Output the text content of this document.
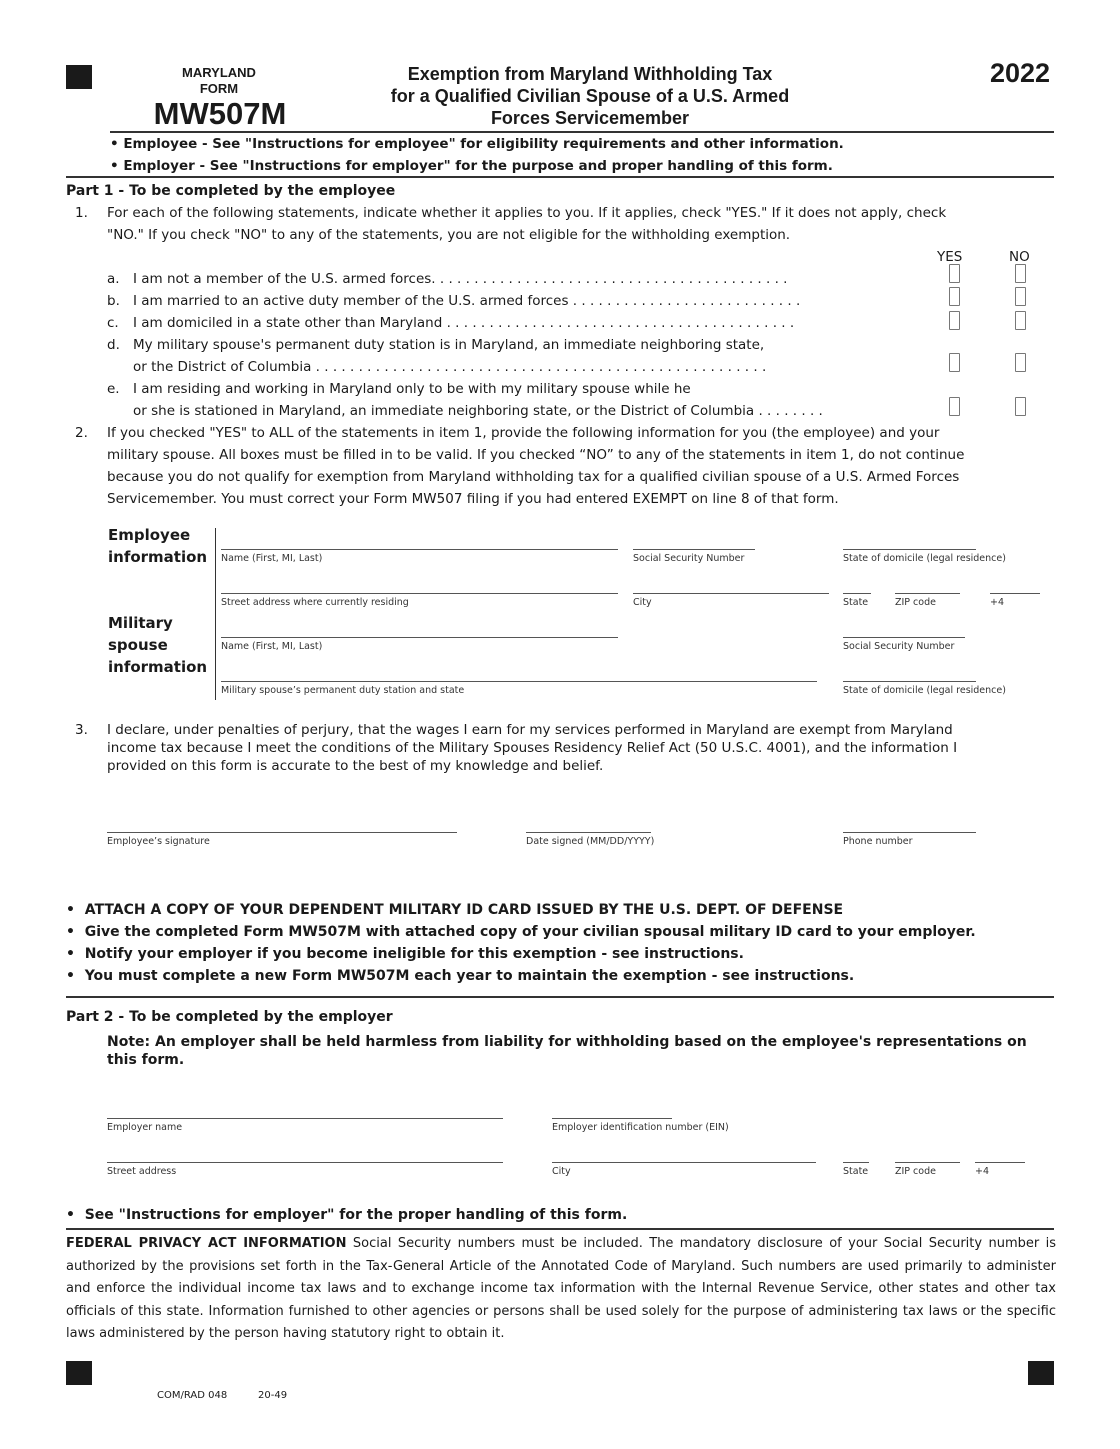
MARYLAND
FORM
MW507M
Exemption from Maryland Withholding Tax
for a Qualified Civilian Spouse of a U.S. Armed
Forces Servicemember
2022
• Employee - See "Instructions for employee" for eligibility requirements and other information.
• Employer - See "Instructions for employer" for the purpose and proper handling of this form.
Part 1 - To be completed by the employee
1. For each of the following statements, indicate whether it applies to you. If it applies, check "YES." If it does not apply, check
"NO." If you check "NO" to any of the statements, you are not eligible for the withholding exemption.
YES	NO
a. I am not a member of the U.S. armed forces. . . . . . . . . . . . . . . . . . . . . . . . . . . . . . . . . . . . . . . . . .
b. I am married to an active duty member of the U.S. armed forces . . . . . . . . . . . . . . . . . . . . . . . . . . .
c. I am domiciled in a state other than Maryland . . . . . . . . . . . . . . . . . . . . . . . . . . . . . . . . . . . . . . . . .
d. My military spouse's permanent duty station is in Maryland, an immediate neighboring state,
or the District of Columbia . . . . . . . . . . . . . . . . . . . . . . . . . . . . . . . . . . . . . . . . . . . . . . . . . . . . .
e. I am residing and working in Maryland only to be with my military spouse while he
or she is stationed in Maryland, an immediate neighboring state, or the District of Columbia . . . . . . . .
2. If you checked "YES" to ALL of the statements in item 1, provide the following information for you (the employee) and your
military spouse. All boxes must be filled in to be valid. If you checked “NO” to any of the statements in item 1, do not continue
because you do not qualify for exemption from Maryland withholding tax for a qualified civilian spouse of a U.S. Armed Forces
Servicemember. You must correct your Form MW507 filing if you had entered EXEMPT on line 8 of that form.
Employee
information
Military
spouse
information
Name (First, MI, Last)	Social Security Number	State of domicile (legal residence)
Street address where currently residing	City	State	ZIP code	+4
Name (First, MI, Last)	Social Security Number
Military spouse’s permanent duty station and state	State of domicile (legal residence)
3. I declare, under penalties of perjury, that the wages I earn for my services performed in Maryland are exempt from Maryland
income tax because I meet the conditions of the Military Spouses Residency Relief Act (50 U.S.C. 4001), and the information I
provided on this form is accurate to the best of my knowledge and belief.
Employee’s signature	Date signed (MM/DD/YYYY)	Phone number
•  ATTACH A COPY OF YOUR DEPENDENT MILITARY ID CARD ISSUED BY THE U.S. DEPT. OF DEFENSE
•  Give the completed Form MW507M with attached copy of your civilian spousal military ID card to your employer.
•  Notify your employer if you become ineligible for this exemption - see instructions.
•  You must complete a new Form MW507M each year to maintain the exemption - see instructions.
Part 2 - To be completed by the employer
Note: An employer shall be held harmless from liability for withholding based on the employee's representations on
this form.
Employer name	Employer identification number (EIN)
Street address	City	State	ZIP code	+4
•  See "Instructions for employer" for the proper handling of this form.
FEDERAL PRIVACY ACT INFORMATION Social Security numbers must be included. The mandatory disclosure of your Social Security number is authorized by the provisions set forth in the Tax-General Article of the Annotated Code of Maryland. Such numbers are used primarily to administer and enforce the individual income tax laws and to exchange income tax information with the Internal Revenue Service, other states and other tax officials of this state. Information furnished to other agencies or persons shall be used solely for the purpose of administering tax laws or the specific laws administered by the person having statutory right to obtain it.
COM/RAD 048	20-49
